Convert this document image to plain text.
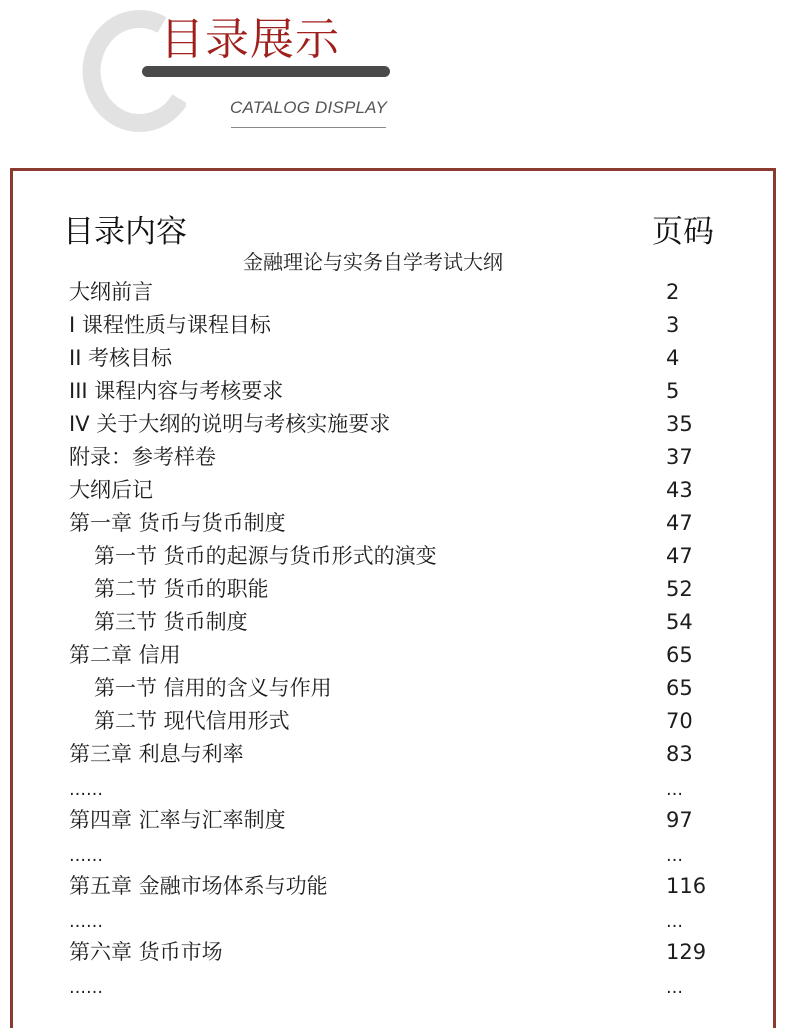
目录展示
CATALOG DISPLAY
目录内容	页码
金融理论与实务自学考试大纲
大纲前言	2
I 课程性质与课程目标	3
II 考核目标	4
III 课程内容与考核要求	5
IV 关于大纲的说明与考核实施要求	35
附录：参考样卷	37
大纲后记	43
第一章 货币与货币制度	47
第一节 货币的起源与货币形式的演变	47
第二节 货币的职能	52
第三节 货币制度	54
第二章 信用	65
第一节 信用的含义与作用	65
第二节 现代信用形式	70
第三章 利息与利率	83
……	…
第四章 汇率与汇率制度	97
……	…
第五章 金融市场体系与功能	116
……	…
第六章 货币市场	129
……	…
